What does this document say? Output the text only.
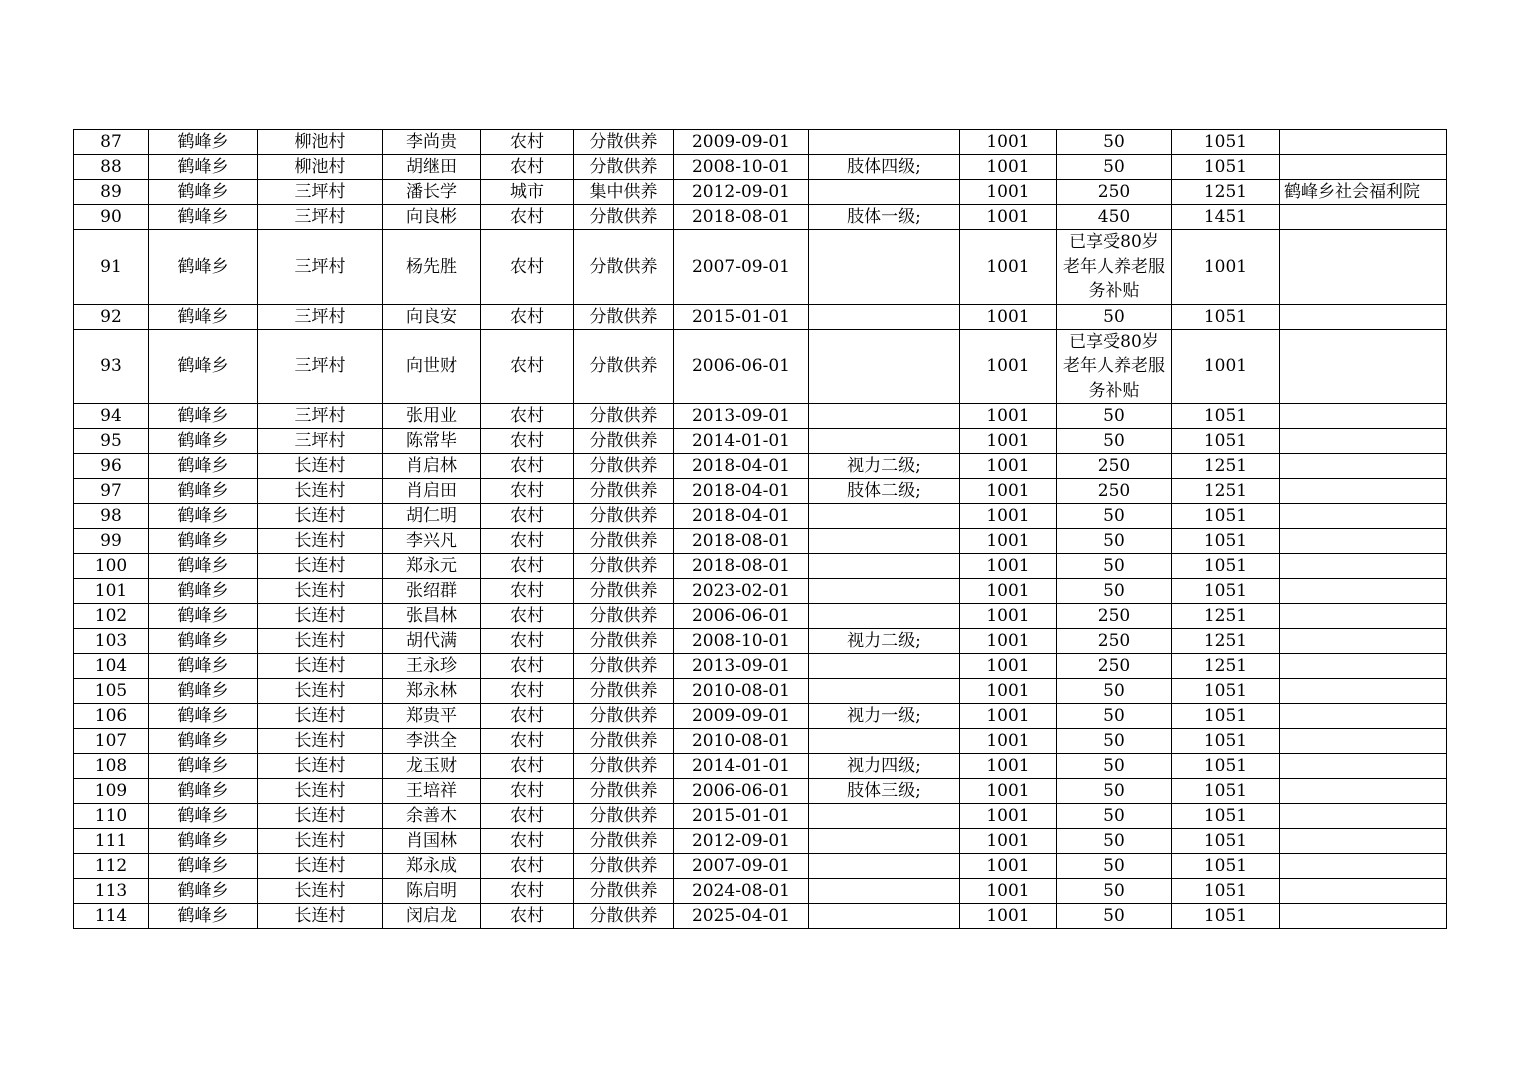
87	鹤峰乡	柳池村	李尚贵	农村	分散供养	2009-09-01		1001	50	1051	
88	鹤峰乡	柳池村	胡继田	农村	分散供养	2008-10-01	肢体四级;	1001	50	1051	
89	鹤峰乡	三坪村	潘长学	城市	集中供养	2012-09-01		1001	250	1251	鹤峰乡社会福利院
90	鹤峰乡	三坪村	向良彬	农村	分散供养	2018-08-01	肢体一级;	1001	450	1451	
91	鹤峰乡	三坪村	杨先胜	农村	分散供养	2007-09-01		1001	已享受80岁老年人养老服务补贴	1001	
92	鹤峰乡	三坪村	向良安	农村	分散供养	2015-01-01		1001	50	1051	
93	鹤峰乡	三坪村	向世财	农村	分散供养	2006-06-01		1001	已享受80岁老年人养老服务补贴	1001	
94	鹤峰乡	三坪村	张用业	农村	分散供养	2013-09-01		1001	50	1051	
95	鹤峰乡	三坪村	陈常毕	农村	分散供养	2014-01-01		1001	50	1051	
96	鹤峰乡	长连村	肖启林	农村	分散供养	2018-04-01	视力二级;	1001	250	1251	
97	鹤峰乡	长连村	肖启田	农村	分散供养	2018-04-01	肢体二级;	1001	250	1251	
98	鹤峰乡	长连村	胡仁明	农村	分散供养	2018-04-01		1001	50	1051	
99	鹤峰乡	长连村	李兴凡	农村	分散供养	2018-08-01		1001	50	1051	
100	鹤峰乡	长连村	郑永元	农村	分散供养	2018-08-01		1001	50	1051	
101	鹤峰乡	长连村	张绍群	农村	分散供养	2023-02-01		1001	50	1051	
102	鹤峰乡	长连村	张昌林	农村	分散供养	2006-06-01		1001	250	1251	
103	鹤峰乡	长连村	胡代满	农村	分散供养	2008-10-01	视力二级;	1001	250	1251	
104	鹤峰乡	长连村	王永珍	农村	分散供养	2013-09-01		1001	250	1251	
105	鹤峰乡	长连村	郑永林	农村	分散供养	2010-08-01		1001	50	1051	
106	鹤峰乡	长连村	郑贵平	农村	分散供养	2009-09-01	视力一级;	1001	50	1051	
107	鹤峰乡	长连村	李洪全	农村	分散供养	2010-08-01		1001	50	1051	
108	鹤峰乡	长连村	龙玉财	农村	分散供养	2014-01-01	视力四级;	1001	50	1051	
109	鹤峰乡	长连村	王培祥	农村	分散供养	2006-06-01	肢体三级;	1001	50	1051	
110	鹤峰乡	长连村	余善木	农村	分散供养	2015-01-01		1001	50	1051	
111	鹤峰乡	长连村	肖国林	农村	分散供养	2012-09-01		1001	50	1051	
112	鹤峰乡	长连村	郑永成	农村	分散供养	2007-09-01		1001	50	1051	
113	鹤峰乡	长连村	陈启明	农村	分散供养	2024-08-01		1001	50	1051	
114	鹤峰乡	长连村	闵启龙	农村	分散供养	2025-04-01		1001	50	1051	
